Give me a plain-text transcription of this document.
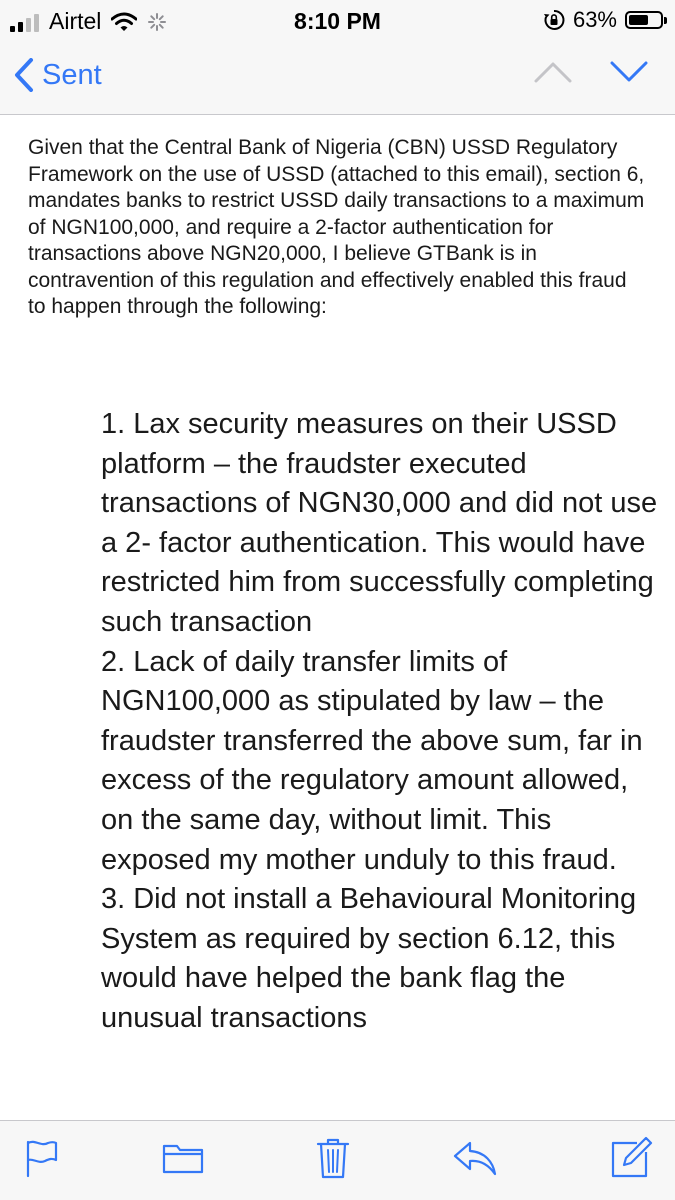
Airtel	8:10 PM	63%
Sent
Given that the Central Bank of Nigeria (CBN) USSD Regulatory Framework on the use of USSD (attached to this email), section 6, mandates banks to restrict USSD daily transactions to a maximum of NGN100,000, and require a 2-factor authentication for transactions above NGN20,000, I believe GTBank is in contravention of this regulation and effectively enabled this fraud to happen through the following:

1. Lax security measures on their USSD platform – the fraudster executed transactions of NGN30,000 and did not use a 2- factor authentication. This would have restricted him from successfully completing such transaction

2. Lack of daily transfer limits of NGN100,000 as stipulated by law – the fraudster transferred the above sum, far in excess of the regulatory amount allowed, on the same day, without limit. This exposed my mother unduly to this fraud.

3. Did not install a Behavioural Monitoring System as required by section 6.12, this would have helped the bank flag the unusual transactions
